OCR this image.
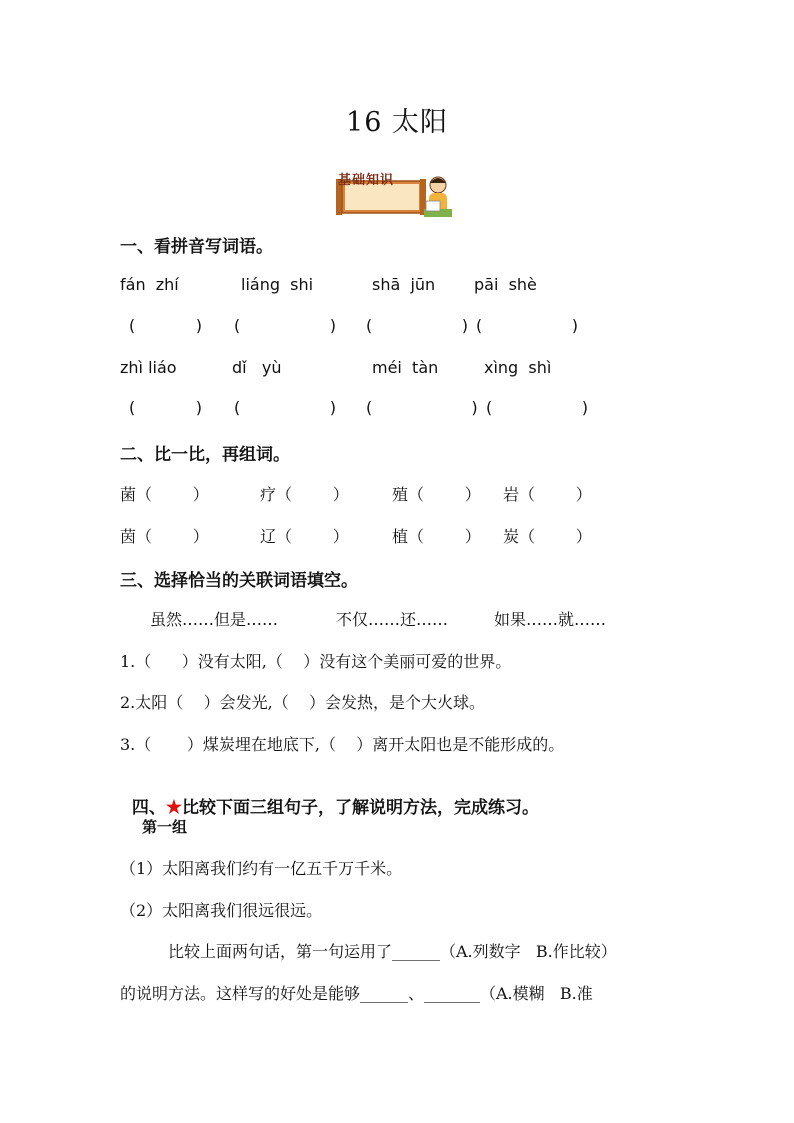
16 太阳

基础知识

一、看拼音写词语。
fán  zhí	liáng  shi	shā  jūn pāi  shè
(      ) (         ) (         ) (         )
zhì liáo	dǐ   yù	méi  tàn	xìng  shì
(      ) (         ) (          ) (         )
二、比一比，再组词。
菌（        ）	疗（        ）	殖（        ） 岩（        ）
茵（        ）	辽（        ）	植（        ） 炭（        ）
三、选择恰当的关联词语填空。
虽然……但是……	不仅……还……	如果……就……
1.（      ）没有太阳,（    ）没有这个美丽可爱的世界。
2.太阳（    ）会发光,（    ）会发热，是个大火球。
3.（       ）煤炭埋在地底下,（    ）离开太阳也是不能形成的。

四、★比较下面三组句子，了解说明方法，完成练习。

第一组
（1）太阳离我们约有一亿五千万千米。
（2）太阳离我们很远很远。
比较上面两句话，第一句运用了______（A.列数字   B.作比较）
的说明方法。这样写的好处是能够______、_______（A.模糊   B.准
